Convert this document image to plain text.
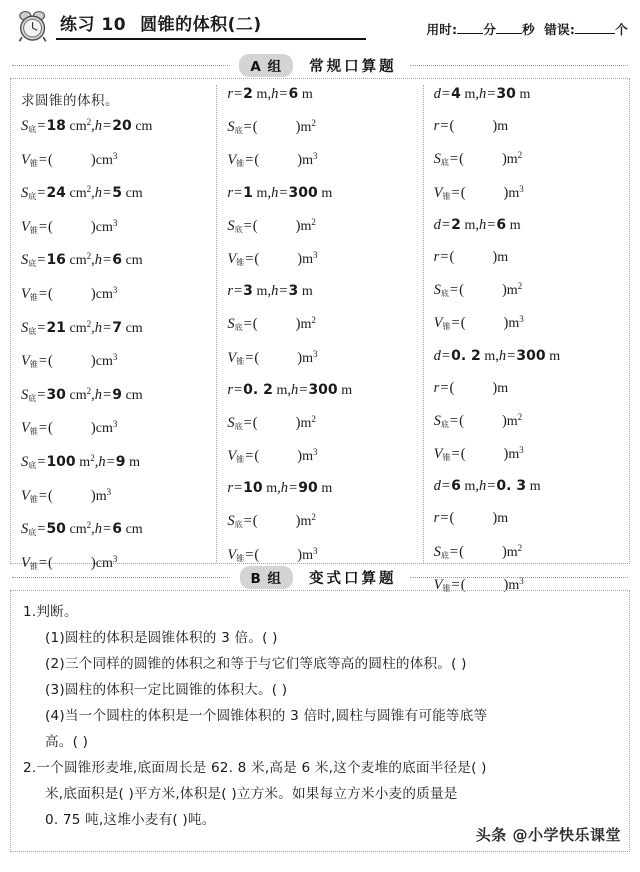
练习 10 圆锥的体积(二)	用时: 分 秒 错误:	个
A 组	常规口算题
求圆锥的体积。
$S_底=18$ $cm^2,h=20$ cm
$V_锥=$(	)$cm^3$
$S_底=24$ $cm^2,h=5$ cm
$V_锥=$(	)$cm^3$
$S_底=16$ $cm^2,h=6$ cm
$V_锥=$(	)$cm^3$
$S_底=21$ $cm^2,h=7$ cm
$V_锥=$(	)$cm^3$
$S_底=30$ $cm^2,h=9$ cm
$V_锥=$(	)$cm^3$
$S_底=100$ $m^2,h=9$ m
$V_锥=$(	)$m^3$
$S_底=50$ $cm^2,h=6$ cm
$V_锥=$(	)$cm^3$
r=2 m,h=6 m
$S_底=$(	)$m^2$
$V_锥=$(	)$m^3$
r=1 m,h=300 m
$S_底=$(	)$m^2$
$V_锥=$(	)$m^3$
r=3 m,h=3 m
$S_底=$(	)$m^2$
$V_锥=$(	)$m^3$
r=0. 2 m,h=300 m
$S_底=$(	)$m^2$
$V_锥=$(	)$m^3$
r=10 m,h=90 m
$S_底=$(	)$m^2$
$V_锥=$(	)$m^3$
d=4 m,h=30 m
r=(	)m
$S_底=$(	)$m^2$
$V_锥=$(	)$m^3$
d=2 m,h=6 m
r=(	)m
$S_底=$(	)$m^2$
$V_锥=$(	)$m^3$
d=0. 2 m,h=300 m
r=(	)m
$S_底=$(	)$m^2$
$V_锥=$(	)$m^3$
d=6 m,h=0. 3 m
r=(	)m
$S_底=$(	)$m^2$
$V_锥=$(	)$m^3$
B 组	变式口算题
1.判断。
(1)圆柱的体积是圆锥体积的 3 倍。( )
(2)三个同样的圆锥的体积之和等于与它们等底等高的圆柱的体积。( )
(3)圆柱的体积一定比圆锥的体积大。( )
(4)当一个圆柱的体积是一个圆锥体积的 3 倍时,圆柱与圆锥有可能等底等
高。( )
2.一个圆锥形麦堆,底面周长是 62. 8 米,高是 6 米,这个麦堆的底面半径是( )
米,底面积是( )平方米,体积是( )立方米。如果每立方米小麦的质量是
0. 75 吨,这堆小麦有( )吨。
头条 @小学快乐课堂
